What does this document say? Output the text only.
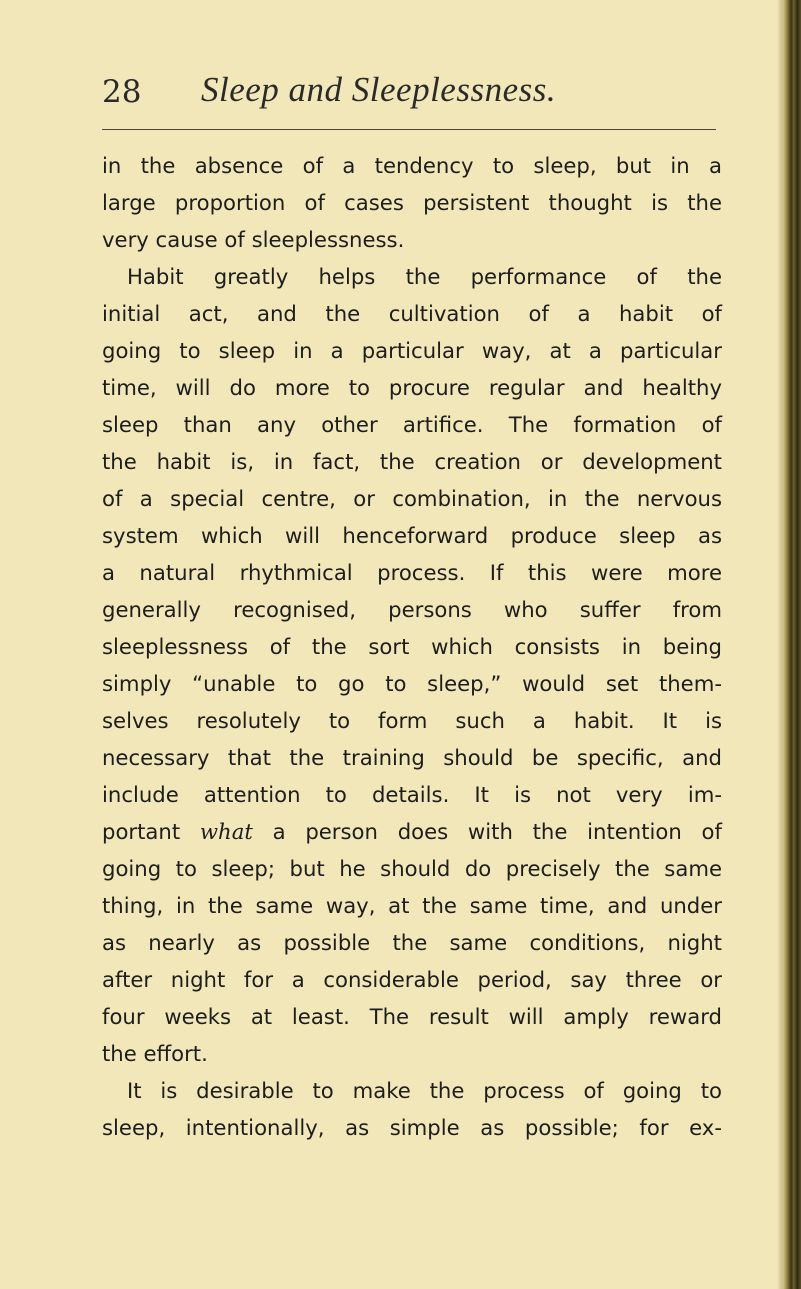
28 Sleep and Sleeplessness.
in the absence of a tendency to sleep, but in a
large proportion of cases persistent thought is the
very cause of sleeplessness.
Habit greatly helps the performance of the
initial act, and the cultivation of a habit of
going to sleep in a particular way, at a particular
time, will do more to procure regular and healthy
sleep than any other artifice. The formation of
the habit is, in fact, the creation or development
of a special centre, or combination, in the nervous
system which will henceforward produce sleep as
a natural rhythmical process. If this were more
generally recognised, persons who suffer from
sleeplessness of the sort which consists in being
simply “unable to go to sleep,” would set them-
selves resolutely to form such a habit. It is
necessary that the training should be specific, and
include attention to details. It is not very im-
portant what a person does with the intention of
going to sleep; but he should do precisely the same
thing, in the same way, at the same time, and under
as nearly as possible the same conditions, night
after night for a considerable period, say three or
four weeks at least. The result will amply reward
the effort.
It is desirable to make the process of going to
sleep, intentionally, as simple as possible; for ex-
